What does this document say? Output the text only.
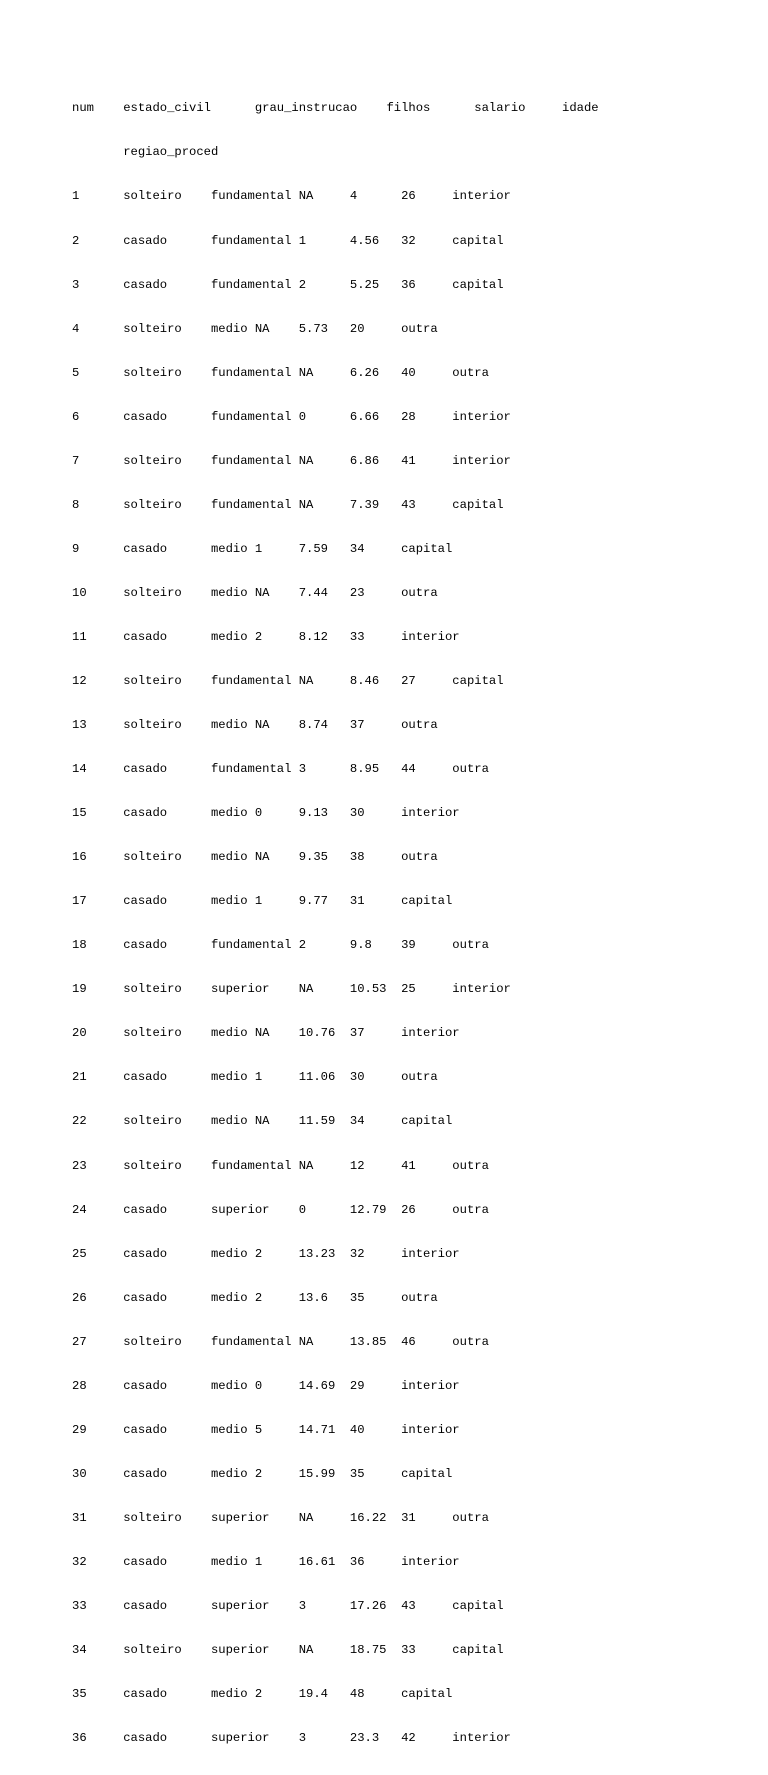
num    estado_civil      grau_instrucao    filhos      salario     idade

regiao_proced

1      solteiro    fundamental NA     4      26     interior

2      casado      fundamental 1      4.56   32     capital

3      casado      fundamental 2      5.25   36     capital

4      solteiro    medio NA    5.73   20     outra

5      solteiro    fundamental NA     6.26   40     outra

6      casado      fundamental 0      6.66   28     interior

7      solteiro    fundamental NA     6.86   41     interior

8      solteiro    fundamental NA     7.39   43     capital

9      casado      medio 1     7.59   34     capital

10     solteiro    medio NA    7.44   23     outra

11     casado      medio 2     8.12   33     interior

12     solteiro    fundamental NA     8.46   27     capital

13     solteiro    medio NA    8.74   37     outra

14     casado      fundamental 3      8.95   44     outra

15     casado      medio 0     9.13   30     interior

16     solteiro    medio NA    9.35   38     outra

17     casado      medio 1     9.77   31     capital

18     casado      fundamental 2      9.8    39     outra

19     solteiro    superior    NA     10.53  25     interior

20     solteiro    medio NA    10.76  37     interior

21     casado      medio 1     11.06  30     outra

22     solteiro    medio NA    11.59  34     capital

23     solteiro    fundamental NA     12     41     outra

24     casado      superior    0      12.79  26     outra

25     casado      medio 2     13.23  32     interior

26     casado      medio 2     13.6   35     outra

27     solteiro    fundamental NA     13.85  46     outra

28     casado      medio 0     14.69  29     interior

29     casado      medio 5     14.71  40     interior

30     casado      medio 2     15.99  35     capital

31     solteiro    superior    NA     16.22  31     outra

32     casado      medio 1     16.61  36     interior

33     casado      superior    3      17.26  43     capital

34     solteiro    superior    NA     18.75  33     capital

35     casado      medio 2     19.4   48     capital

36     casado      superior    3      23.3   42     interior
